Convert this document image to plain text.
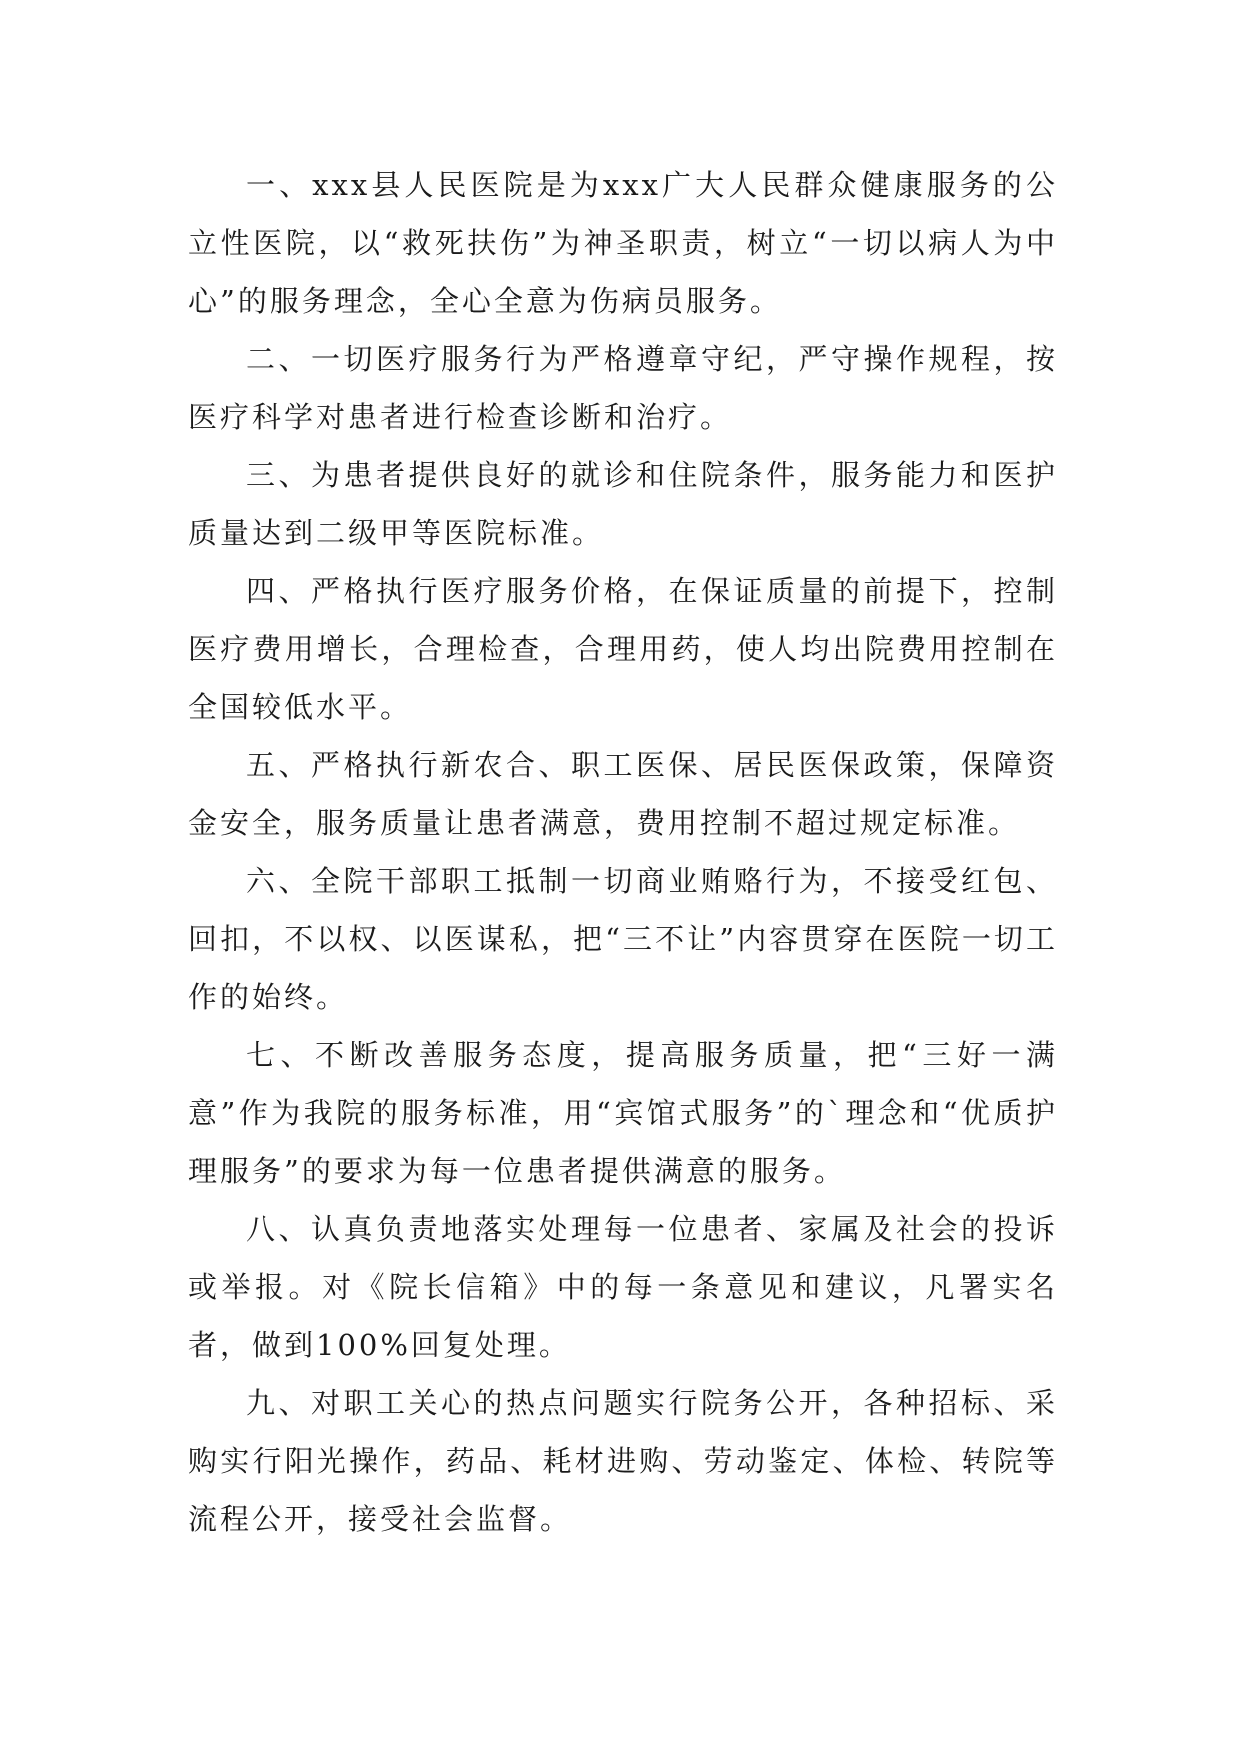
一、xxx县人民医院是为xxx广大人民群众健康服务的公立性医院，以“救死扶伤”为神圣职责，树立“一切以病人为中心”的服务理念，全心全意为伤病员服务。

二、一切医疗服务行为严格遵章守纪，严守操作规程，按医疗科学对患者进行检查诊断和治疗。

三、为患者提供良好的就诊和住院条件，服务能力和医护质量达到二级甲等医院标准。

四、严格执行医疗服务价格，在保证质量的前提下，控制医疗费用增长，合理检查，合理用药，使人均出院费用控制在全国较低水平。

五、严格执行新农合、职工医保、居民医保政策，保障资金安全，服务质量让患者满意，费用控制不超过规定标准。

六、全院干部职工抵制一切商业贿赂行为，不接受红包、回扣，不以权、以医谋私，把“三不让”内容贯穿在医院一切工作的始终。

七、不断改善服务态度，提高服务质量，把“三好一满意”作为我院的服务标准，用“宾馆式服务”的`理念和“优质护理服务”的要求为每一位患者提供满意的服务。

八、认真负责地落实处理每一位患者、家属及社会的投诉或举报。对《院长信箱》中的每一条意见和建议，凡署实名者，做到100%回复处理。

九、对职工关心的热点问题实行院务公开，各种招标、采购实行阳光操作，药品、耗材进购、劳动鉴定、体检、转院等流程公开，接受社会监督。
